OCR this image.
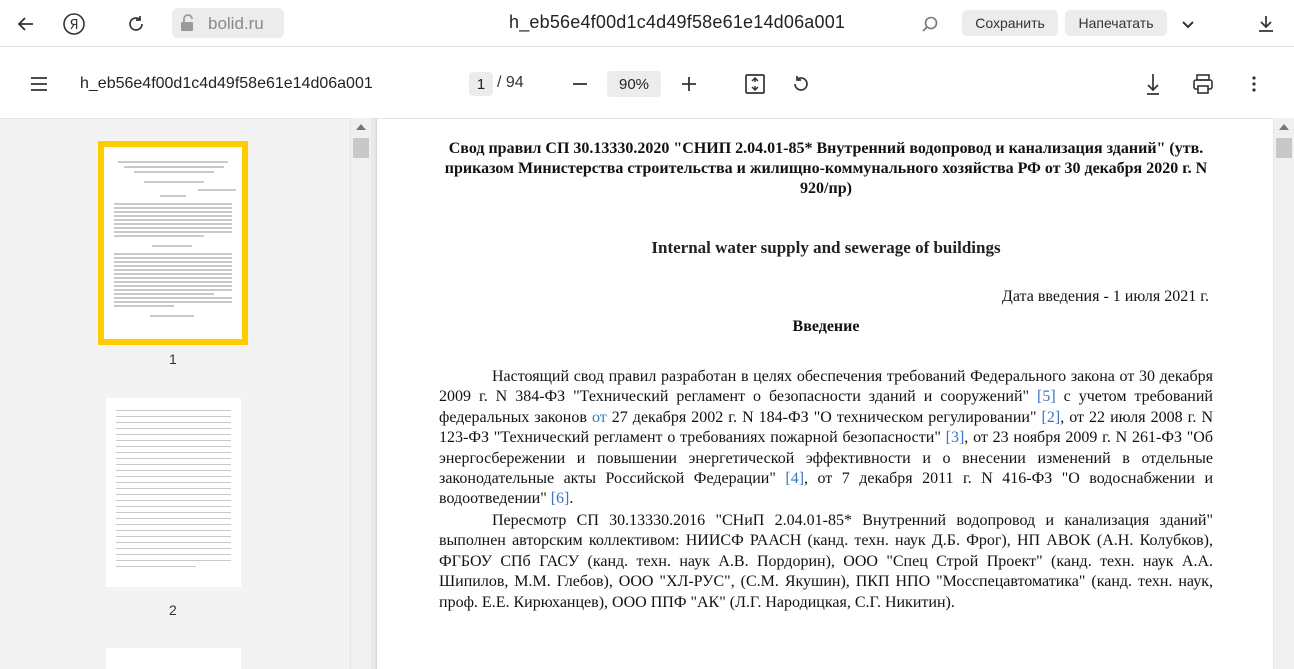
Я	bolid.ru	h_eb56e4f00d1c4d49f58e61e14d06a001	Сохранить	Напечатать
h_eb56e4f00d1c4d49f58e61e14d06a001	1 / 94	90%
1
2
Свод правил СП 30.13330.2020 "СНИП 2.04.01-85* Внутренний водопровод и канализация зданий" (утв. приказом Министерства строительства и жилищно-коммунального хозяйства РФ от 30 декабря 2020 г. N 920/пр)
Internal water supply and sewerage of buildings
Дата введения - 1 июля 2021 г.
Введение
Настоящий свод правил разработан в целях обеспечения требований Федерального закона от 30 декабря 2009 г. N 384-ФЗ "Технический регламент о безопасности зданий и сооружений" [5] с учетом требований федеральных законов от 27 декабря 2002 г. N 184-ФЗ "О техническом регулировании" [2], от 22 июля 2008 г. N 123-ФЗ "Технический регламент о требованиях пожарной безопасности" [3], от 23 ноября 2009 г. N 261-ФЗ "Об энергосбережении и повышении энергетической эффективности и о внесении изменений в отдельные законодательные акты Российской Федерации" [4], от 7 декабря 2011 г. N 416-ФЗ "О водоснабжении и водоотведении" [6].
Пересмотр СП 30.13330.2016 "СНиП 2.04.01-85* Внутренний водопровод и канализация зданий" выполнен авторским коллективом: НИИСФ РААСН (канд. техн. наук Д.Б. Фрог), НП АВОК (А.Н. Колубков), ФГБОУ СПб ГАСУ (канд. техн. наук А.В. Пордорин), ООО "Спец Строй Проект" (канд. техн. наук А.А. Шипилов, М.М. Глебов), ООО "ХЛ-РУС", (С.М. Якушин), ПКП НПО "Мосспецавтоматика" (канд. техн. наук, проф. Е.Е. Кирюханцев), ООО ППФ "АК" (Л.Г. Народицкая, С.Г. Никитин).
